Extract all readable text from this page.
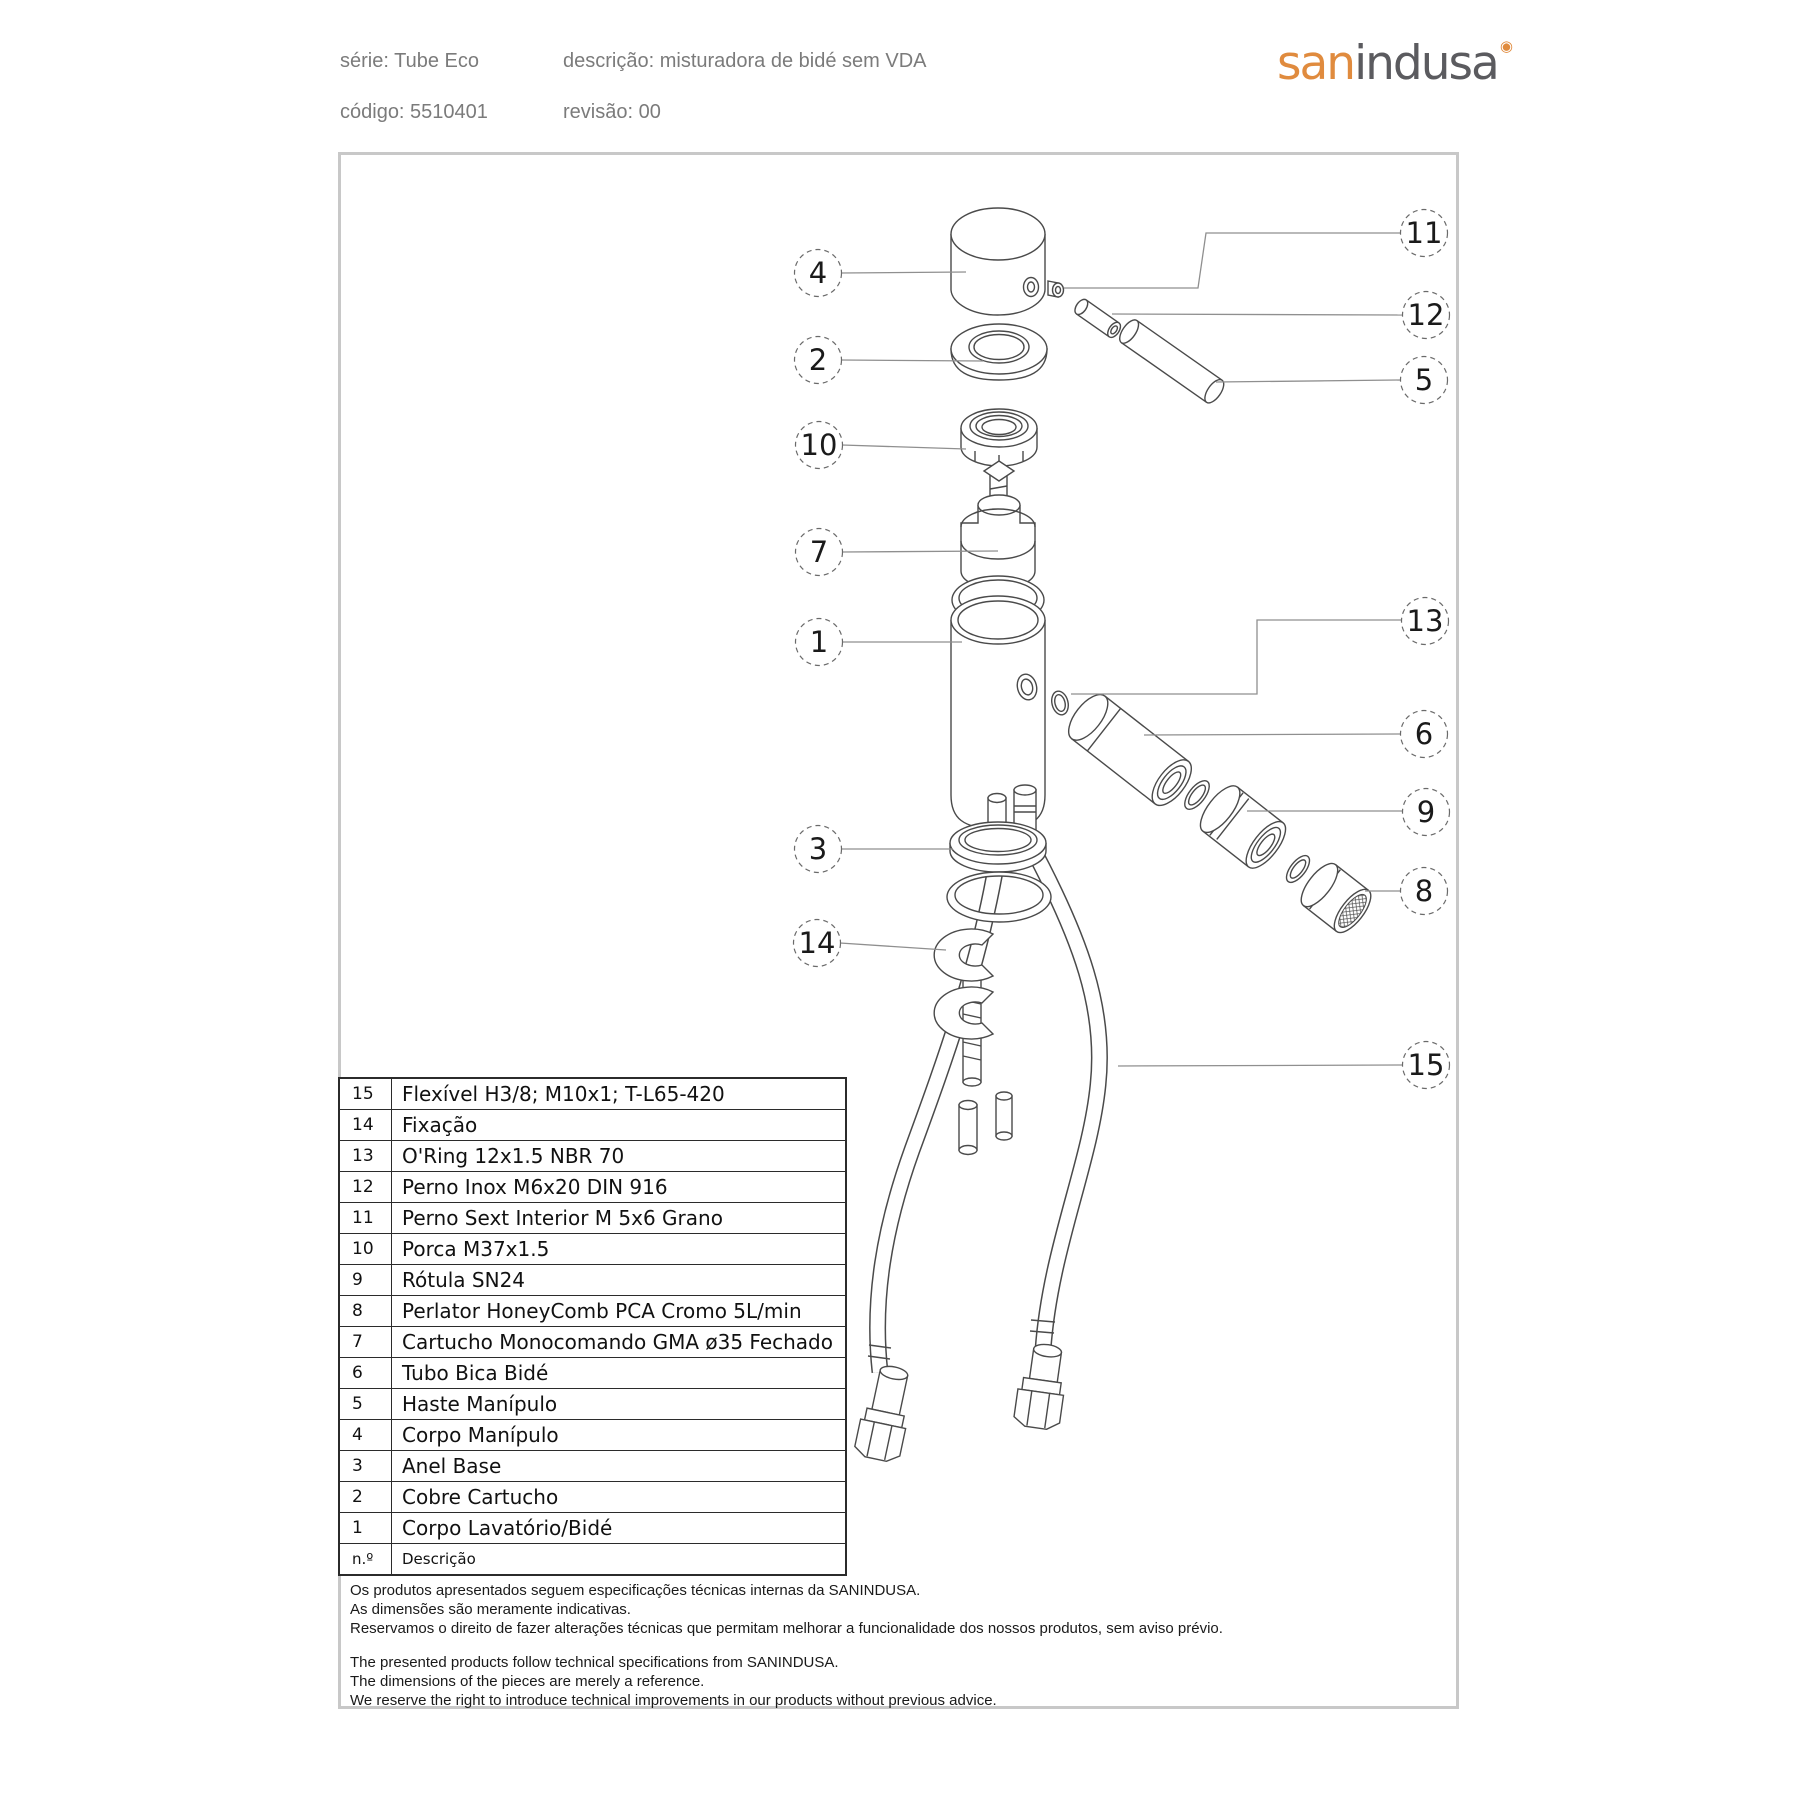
série: Tube Eco	descrição: misturadora de bidé sem VDA
código: 5510401	revisão: 00
sanindusa ◉
4
2
10
7
1
3
14
11
12
5
13
6
9
8
15
15	Flexível H3/8; M10x1; T-L65-420
14	Fixação
13	O'Ring 12x1.5 NBR 70
12	Perno Inox M6x20 DIN 916
11	Perno Sext Interior M 5x6 Grano
10	Porca M37x1.5
9	Rótula SN24
8	Perlator HoneyComb PCA Cromo 5L/min
7	Cartucho Monocomando GMA ø35 Fechado
6	Tubo Bica Bidé
5	Haste Manípulo
4	Corpo Manípulo
3	Anel Base
2	Cobre Cartucho
1	Corpo Lavatório/Bidé
n.º	Descrição
Os produtos apresentados seguem especificações técnicas internas da SANINDUSA.
As dimensões são meramente indicativas.
Reservamos o direito de fazer alterações técnicas que permitam melhorar a funcionalidade dos nossos produtos, sem aviso prévio.
The presented products follow technical specifications from SANINDUSA.
The dimensions of the pieces are merely a reference.
We reserve the right to introduce technical improvements in our products without previous advice.
